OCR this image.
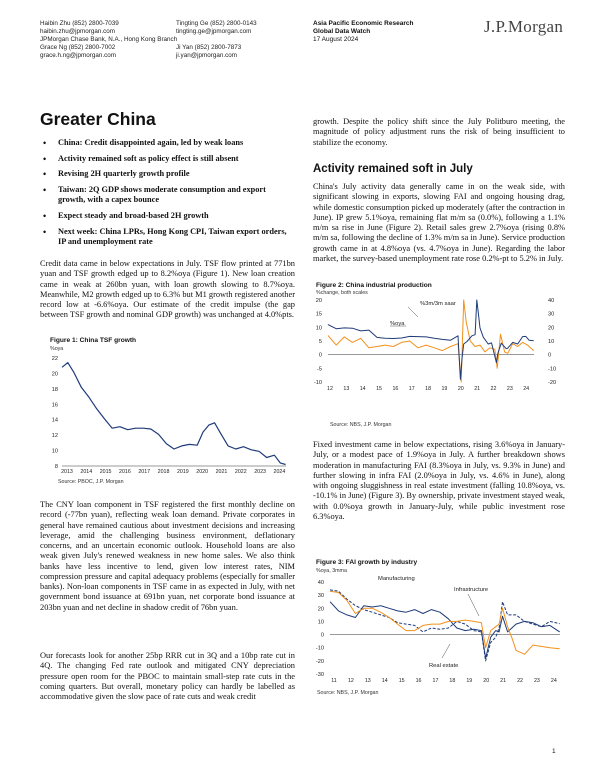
Haibin Zhu (852) 2800-7039
haibin.zhu@jpmorgan.com
JPMorgan Chase Bank, N.A., Hong Kong Branch
Grace Ng (852) 2800-7002
grace.h.ng@jpmorgan.com
Tingting Ge (852) 2800-0143
tingting.ge@jpmorgan.com

Ji Yan (852) 2800-7873
ji.yan@jpmorgan.com
Asia Pacific Economic Research
Global Data Watch
17 August 2024
J.P.Morgan
Greater China
• China: Credit disappointed again, led by weak loans
• Activity remained soft as policy effect is still absent
• Revising 2H quarterly growth profile
• Taiwan: 2Q GDP shows moderate consumption and export growth, with a capex bounce
• Expect steady and broad-based 2H growth
• Next week: China LPRs, Hong Kong CPI, Taiwan export orders, IP and unemployment rate

Credit data came in below expectations in July. TSF flow printed at 771bn yuan and TSF growth edged up to 8.2%oya (Figure 1). New loan creation came in weak at 260bn yuan, with loan growth slowing to 8.7%oya. Meanwhile, M2 growth edged up to 6.3% but M1 growth registered another record low at -6.6%oya. Our estimate of the credit impulse (the gap between TSF growth and nominal GDP growth) was unchanged at 4.0%pts.

Figure 1: China TSF growth
%oya
8
10
12
14
16
18
20
22
2013 2014 2015 2016 2017 2018 2019 2020 2021 2022 2023 2024
Source: PBOC, J.P. Morgan

The CNY loan component in TSF registered the first monthly decline on record (-77bn yuan), reflecting weak loan demand. Private corporates in general have remained cautious about investment decisions and increasing leverage, amid the challenging business environment, deflationary concerns, and an uncertain economic outlook. Household loans are also weak given July's renewed weakness in new home sales. We also think banks have less incentive to lend, given low interest rates, NIM compression pressure and capital adequacy problems (especially for smaller banks). Non-loan components in TSF came in as expected in July, with net government bond issuance at 691bn yuan, net corporate bond issuance at 203bn yuan and net decline in shadow credit of 76bn yuan.

Our forecasts look for another 25bp RRR cut in 3Q and a 10bp rate cut in 4Q. The changing Fed rate outlook and mitigated CNY depreciation pressure open room for the PBOC to maintain small-step rate cuts in the coming quarters. But overall, monetary policy can hardly be labelled as accommodative given the slow pace of rate cuts and weak credit

growth. Despite the policy shift since the July Politburo meeting, the magnitude of policy adjustment runs the risk of being insufficient to stabilize the economy.

Activity remained soft in July

China's July activity data generally came in on the weak side, with significant slowing in exports, slowing FAI and ongoing housing drag, while domestic consumption picked up moderately (after the contraction in June). IP grew 5.1%oya, remaining flat m/m sa (0.0%), following a 1.1% m/m sa rise in June (Figure 2). Retail sales grew 2.7%oya (rising 0.8% m/m sa, following the decline of 1.3% m/m sa in June). Service production growth came in at 4.8%oya (vs. 4.7%oya in June). Regarding the labor market, the survey-based unemployment rate rose 0.2%-pt to 5.2% in July.

Figure 2: China industrial production
%change, both scales
-10
-5
0
5
10
15
20
-20
-10
0
10
20
30
40
12 13 14 15 16 17 18 19 20 21 22 23 24
%3m/3m saar
%oya
Source: NBS, J.P. Morgan

Fixed investment came in below expectations, rising 3.6%oya in January-July, or a modest pace of 1.9%oya in July. A further breakdown shows moderation in manufacturing FAI (8.3%oya in July, vs. 9.3% in June) and further slowing in infra FAI (2.0%oya in July, vs. 4.6% in June), along with ongoing sluggishness in real estate investment (falling 10.8%oya, vs. -10.1% in June) (Figure 3). By ownership, private investment stayed weak, with 0.0%oya growth in January-July, while public investment rose 6.3%oya.

Figure 3: FAI growth by industry
%oya, 3mma
-30
-20
-10
0
10
20
30
40
11 12 13 14 15 16 17 18 19 20 21 22 23 24
Manufacturing
Infrastructure
Real estate
Source: NBS, J.P. Morgan
1
